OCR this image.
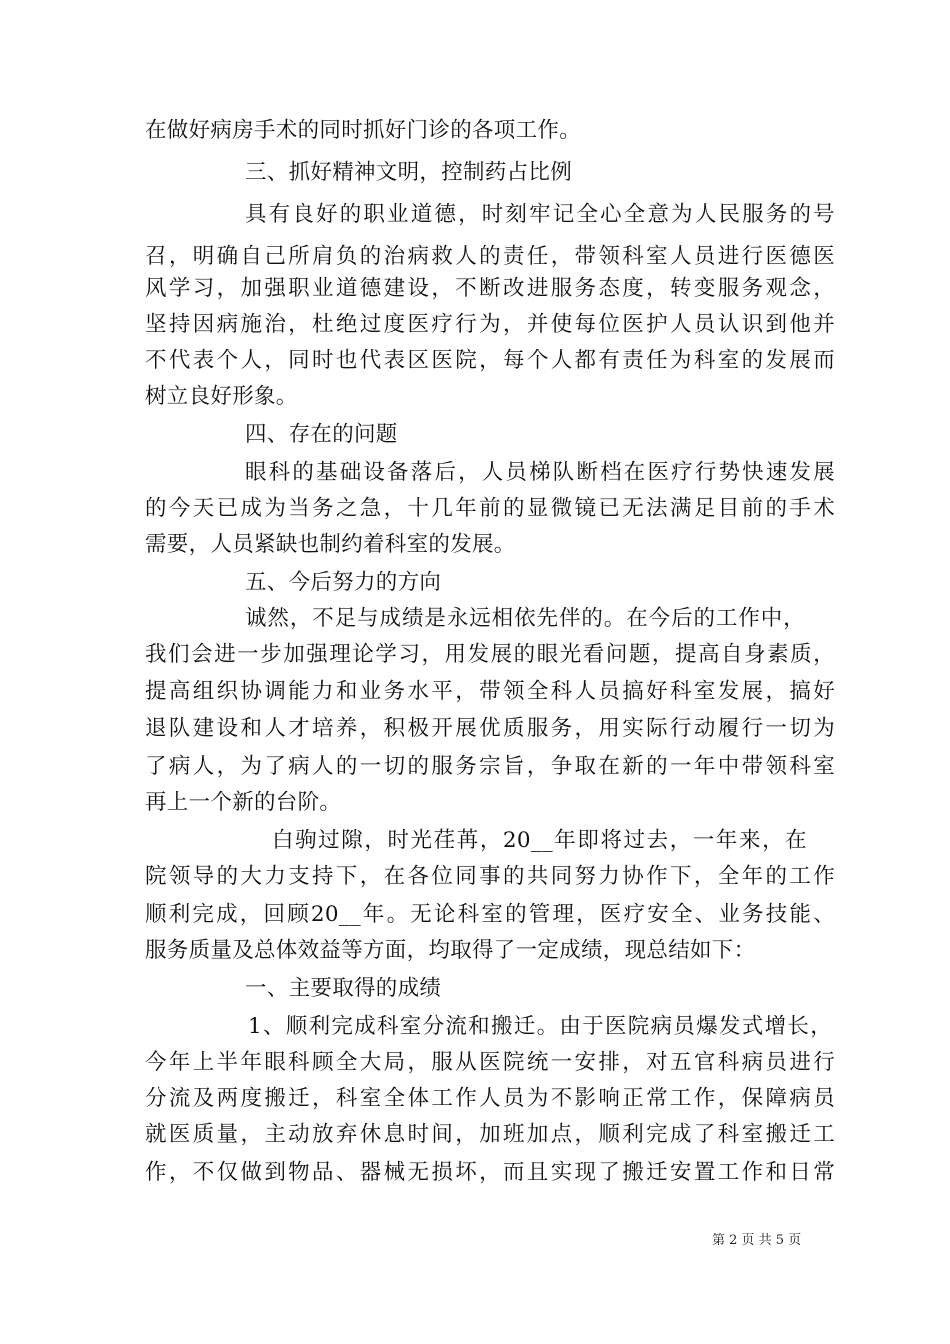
在做好病房手术的同时抓好门诊的各项工作。
三、抓好精神文明，控制药占比例
具有良好的职业道德，时刻牢记全心全意为人民服务的号
召，明确自己所肩负的治病救人的责任，带领科室人员进行医德医
风学习，加强职业道德建设，不断改进服务态度，转变服务观念，
坚持因病施治，杜绝过度医疗行为，并使每位医护人员认识到他并
不代表个人，同时也代表区医院，每个人都有责任为科室的发展而
树立良好形象。
四、存在的问题
眼科的基础设备落后，人员梯队断档在医疗行势快速发展
的今天已成为当务之急，十几年前的显微镜已无法满足目前的手术
需要，人员紧缺也制约着科室的发展。
五、今后努力的方向
诚然，不足与成绩是永远相依先伴的。在今后的工作中，
我们会进一步加强理论学习，用发展的眼光看问题，提高自身素质，
提高组织协调能力和业务水平，带领全科人员搞好科室发展，搞好
退队建设和人才培养，积极开展优质服务，用实际行动履行一切为
了病人，为了病人的一切的服务宗旨，争取在新的一年中带领科室
再上一个新的台阶。
白驹过隙，时光荏苒，20__年即将过去，一年来，在
院领导的大力支持下，在各位同事的共同努力协作下，全年的工作
顺利完成，回顾20__年。无论科室的管理，医疗安全、业务技能、
服务质量及总体效益等方面，均取得了一定成绩，现总结如下：
一、主要取得的成绩
1、顺利完成科室分流和搬迁。由于医院病员爆发式增长，
今年上半年眼科顾全大局，服从医院统一安排，对五官科病员进行
分流及两度搬迁，科室全体工作人员为不影响正常工作，保障病员
就医质量，主动放弃休息时间，加班加点，顺利完成了科室搬迁工
作，不仅做到物品、器械无损坏，而且实现了搬迁安置工作和日常
第 2 页 共 5 页
